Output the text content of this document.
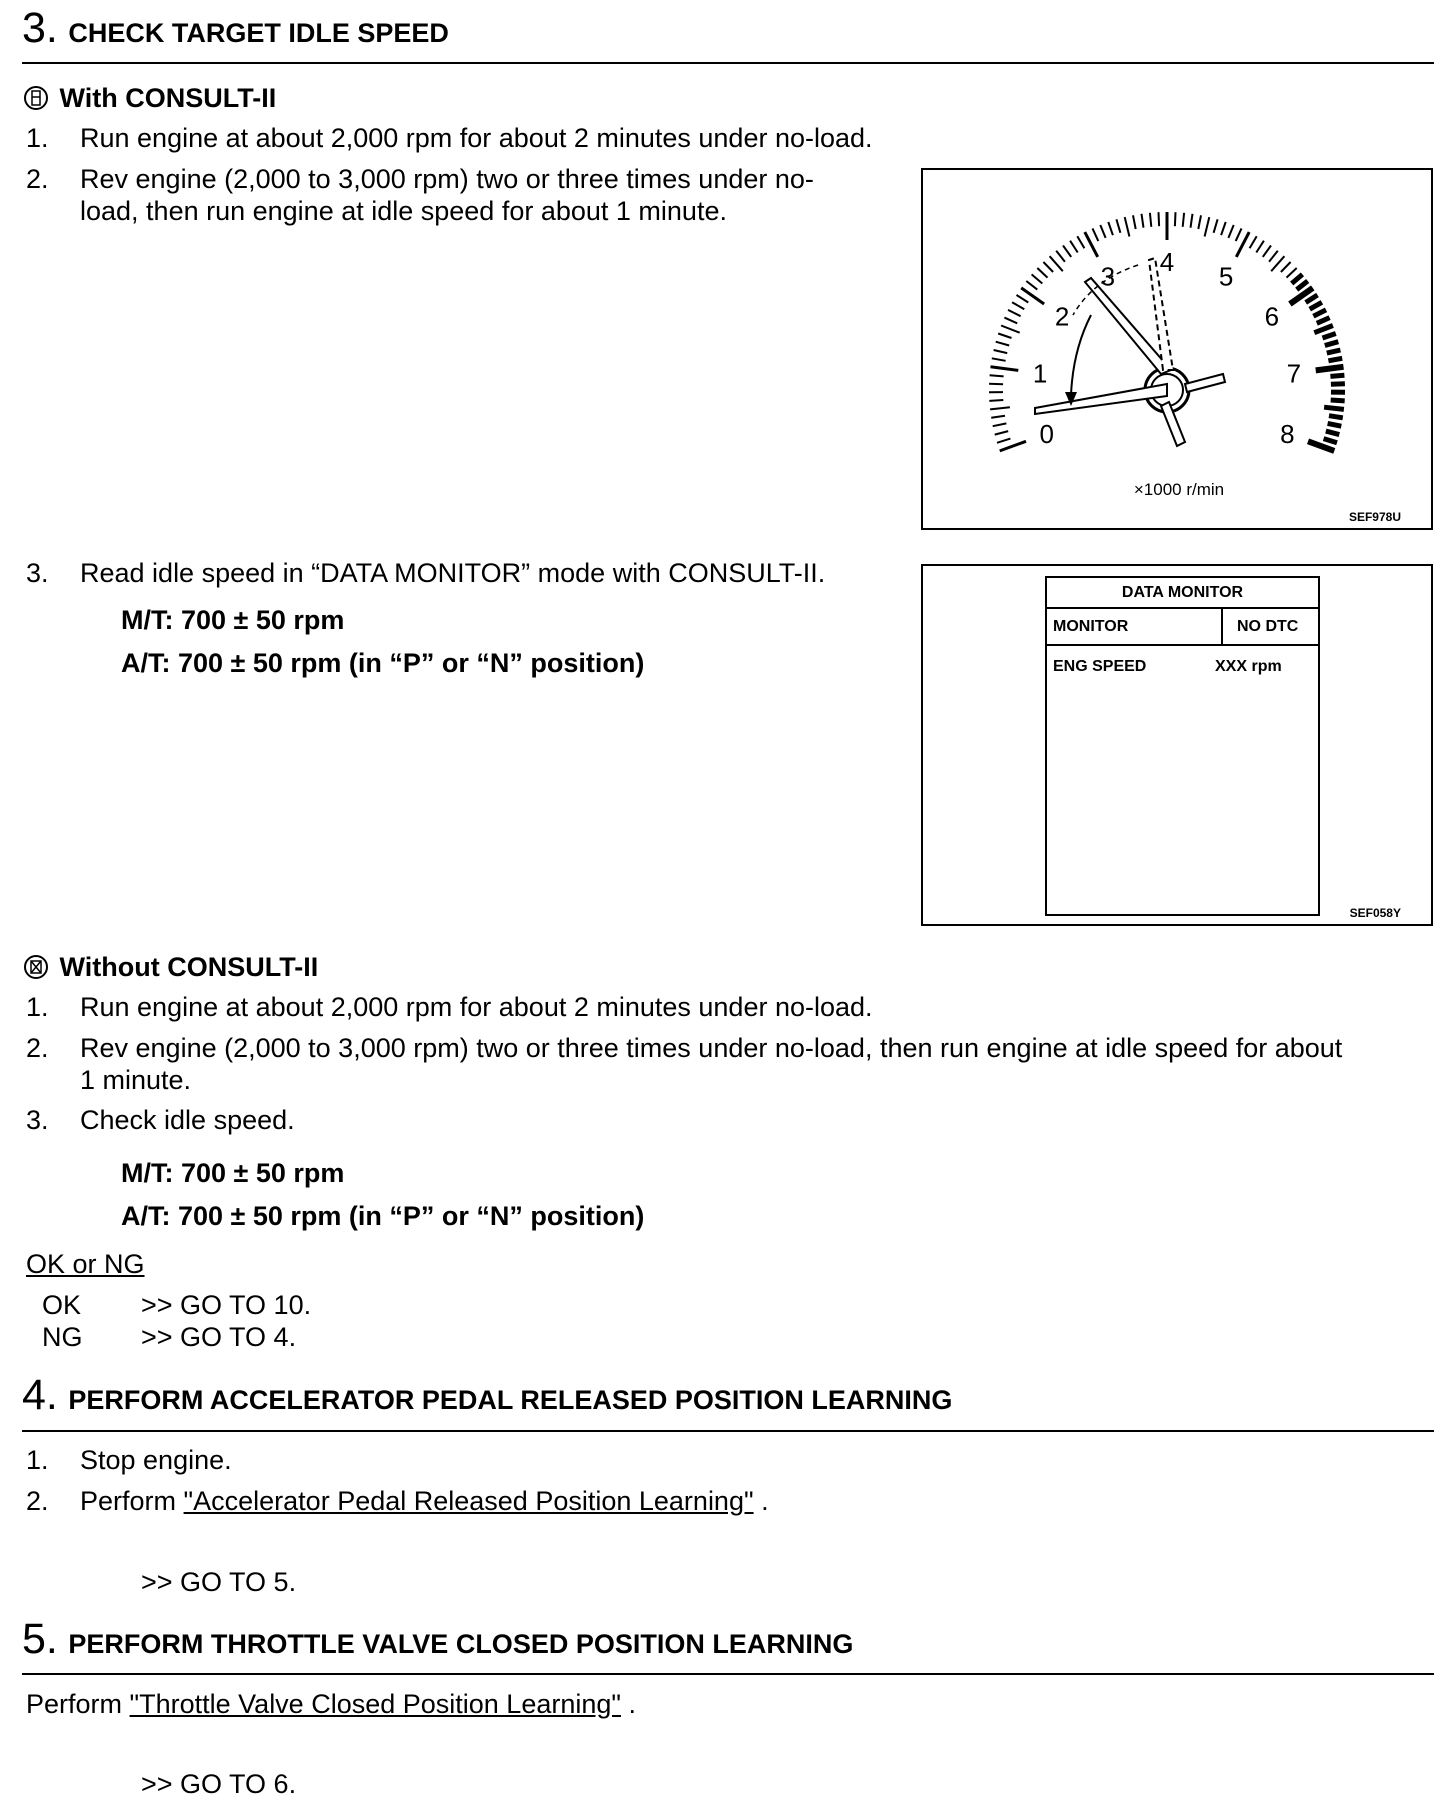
3. CHECK TARGET IDLE SPEED
With CONSULT-II
1. Run engine at about 2,000 rpm for about 2 minutes under no-load.
2. Rev engine (2,000 to 3,000 rpm) two or three times under no-
load, then run engine at idle speed for about 1 minute.
0
1
2
3 4 5
6
7
8
×1000 r/min
SEF978U
3. Read idle speed in “DATA MONITOR” mode with CONSULT-II.
M/T: 700 ± 50 rpm
A/T: 700 ± 50 rpm (in “P” or “N” position)
DATA MONITOR
MONITOR	NO DTC
ENG SPEED	XXX rpm
SEF058Y
Without CONSULT-II
1. Run engine at about 2,000 rpm for about 2 minutes under no-load.
2. Rev engine (2,000 to 3,000 rpm) two or three times under no-load, then run engine at idle speed for about
1 minute.
3. Check idle speed.
M/T: 700 ± 50 rpm
A/T: 700 ± 50 rpm (in “P” or “N” position)
OK or NG
OK >> GO TO 10.
NG >> GO TO 4.
4. PERFORM ACCELERATOR PEDAL RELEASED POSITION LEARNING
1. Stop engine.
2. Perform "Accelerator Pedal Released Position Learning" .
>> GO TO 5.
5. PERFORM THROTTLE VALVE CLOSED POSITION LEARNING
Perform "Throttle Valve Closed Position Learning" .
>> GO TO 6.
